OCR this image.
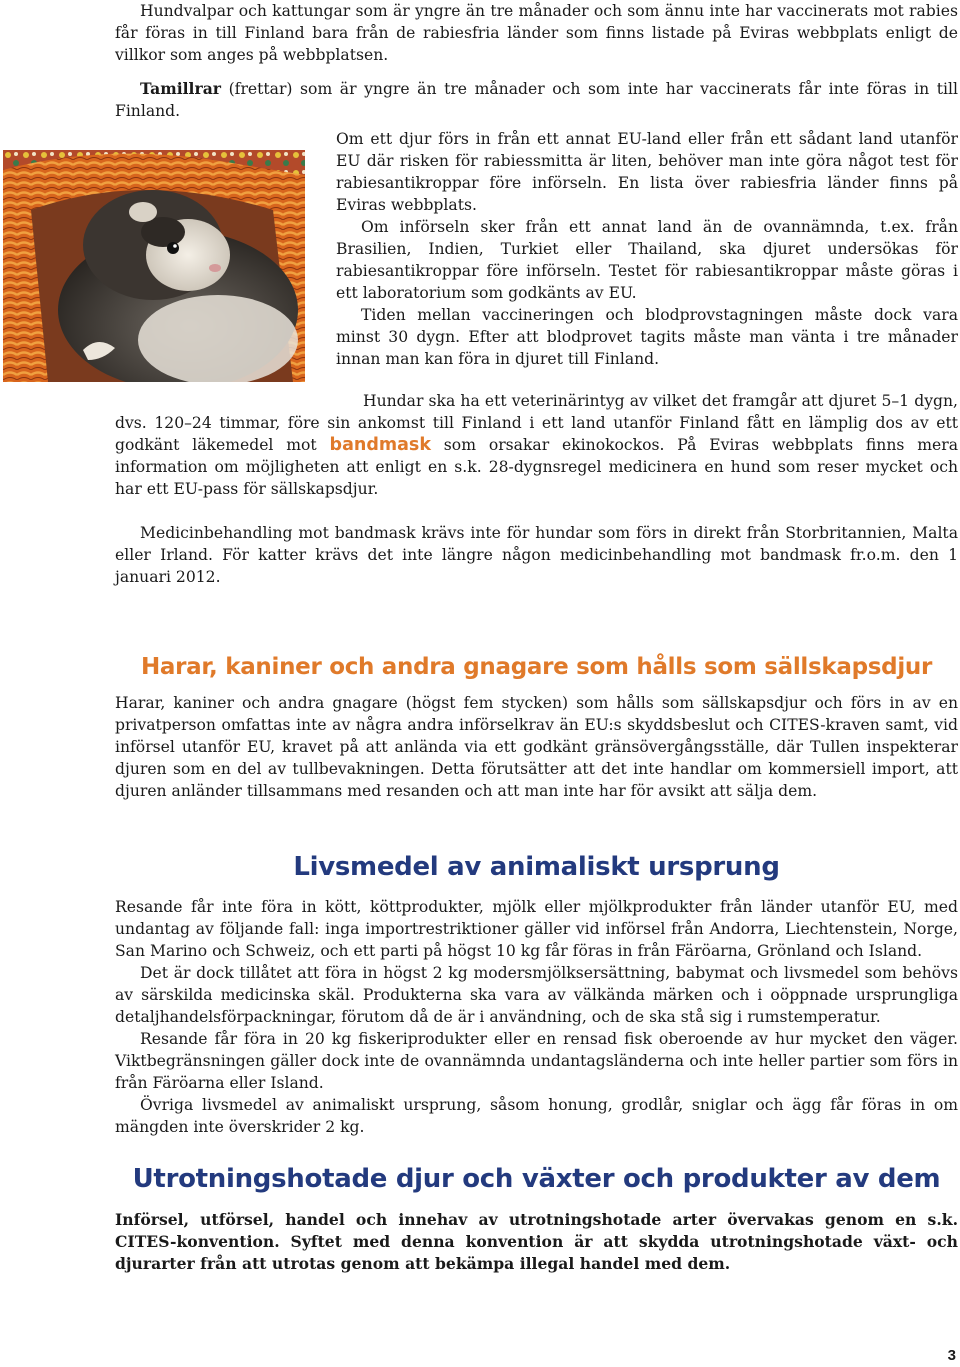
Hundvalpar och kattungar som är yngre än tre månader och som ännu inte har vaccinerats mot rabies får föras in till Finland bara från de rabiesfria länder som finns listade på Eviras webbplats enligt de villkor som anges på webbplatsen.

Tamillrar (frettar) som är yngre än tre månader och som inte har vaccinerats får inte föras in till Finland.

Om ett djur förs in från ett annat EU-land eller från ett sådant land utanför EU där risken för rabiessmitta är liten, behöver man inte göra något test för rabiesantikroppar före införseln. En lista över rabiesfria länder finns på Eviras webbplats.

Om införseln sker från ett annat land än de ovannämnda, t.ex. från Brasilien, Indien, Turkiet eller Thailand, ska djuret undersökas för rabiesantikroppar före införseln. Testet för rabiesantikroppar måste göras i ett laboratorium som godkänts av EU.

Tiden mellan vaccineringen och blodprovstagningen måste dock vara minst 30 dygn. Efter att blodprovet tagits måste man vänta i tre månader innan man kan föra in djuret till Finland.

Hundar ska ha ett veterinärintyg av vilket det framgår att djuret 5–1 dygn, dvs. 120–24 timmar, före sin ankomst till Finland i ett land utanför Finland fått en lämplig dos av ett godkänt läkemedel mot bandmask som orsakar ekinokockos. På Eviras webbplats finns mera information om möjligheten att enligt en s.k. 28-dygnsregel medicinera en hund som reser mycket och har ett EU-pass för sällskapsdjur.

Medicinbehandling mot bandmask krävs inte för hundar som förs in direkt från Storbritannien, Malta eller Irland. För katter krävs det inte längre någon medicinbehandling mot bandmask fr.o.m. den 1 januari 2012.

Harar, kaniner och andra gnagare som hålls som sällskapsdjur

Harar, kaniner och andra gnagare (högst fem stycken) som hålls som sällskapsdjur och förs in av en privatperson omfattas inte av några andra införselkrav än EU:s skyddsbeslut och CITES-kraven samt, vid införsel utanför EU, kravet på att anlända via ett godkänt gränsövergångsställe, där Tullen inspekterar djuren som en del av tullbevakningen. Detta förutsätter att det inte handlar om kommersiell import, att djuren anländer tillsammans med resanden och att man inte har för avsikt att sälja dem.

Livsmedel av animaliskt ursprung

Resande får inte föra in kött, köttprodukter, mjölk eller mjölkprodukter från länder utanför EU, med undantag av följande fall: inga importrestriktioner gäller vid införsel från Andorra, Liechtenstein, Norge, San Marino och Schweiz, och ett parti på högst 10 kg får föras in från Färöarna, Grönland och Island.

Det är dock tillåtet att föra in högst 2 kg modersmjölksersättning, babymat och livsmedel som behövs av särskilda medicinska skäl. Produkterna ska vara av välkända märken och i oöppnade ursprungliga detaljhandelsförpackningar, förutom då de är i användning, och de ska stå sig i rumstemperatur.

Resande får föra in 20 kg fiskeriprodukter eller en rensad fisk oberoende av hur mycket den väger. Viktbegränsningen gäller dock inte de ovannämnda undantagsländerna och inte heller partier som förs in från Färöarna eller Island.

Övriga livsmedel av animaliskt ursprung, såsom honung, grodlår, sniglar och ägg får föras in om mängden inte överskrider 2 kg.

Utrotningshotade djur och växter och produkter av dem

Införsel, utförsel, handel och innehav av utrotningshotade arter övervakas genom en s.k. CITES-konvention. Syftet med denna konvention är att skydda utrotningshotade växt- och djurarter från att utrotas genom att bekämpa illegal handel med dem.

3
